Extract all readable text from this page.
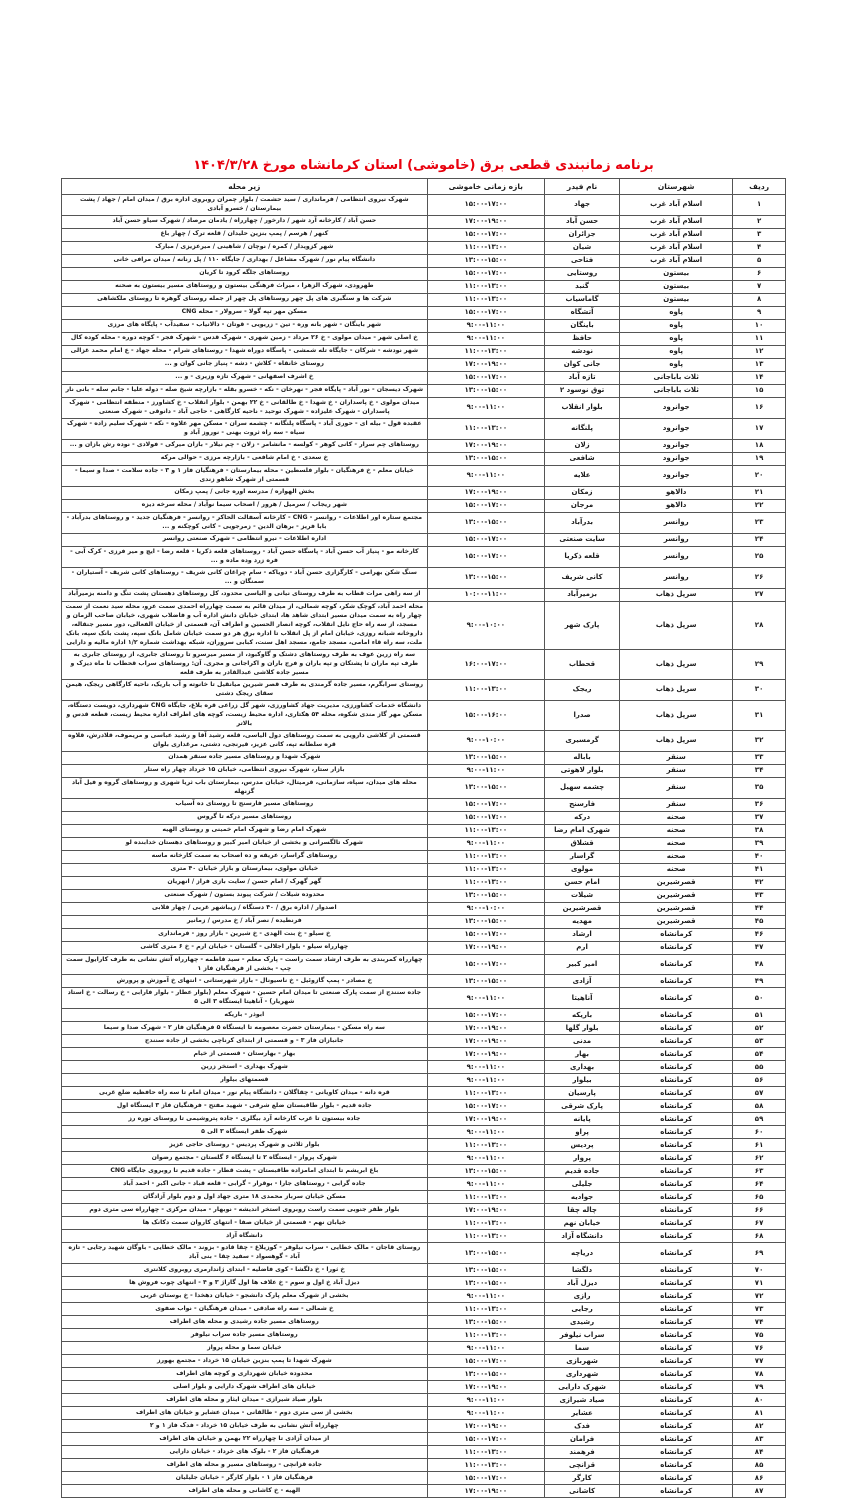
برنامه زمانبندی قطعی برق (خاموشی) استان کرمانشاه مورخ ۱۴۰۴/۳/۲۸
ردیف	شهرستان	نام فیدر	بازه زمانی خاموشی	زیر محله
۱	اسلام آباد غرب	جهاد	۱۵:۰۰-۱۷:۰۰	شهرک نیروی انتظامی / فرمانداری / سید حشمت / بلوار چمران روبروی اداره برق / میدان امام / جهاد / پشت بیمارستان / خسرو آبادی
۲	اسلام آباد غرب	حسن آباد	۱۷:۰۰-۱۹:۰۰	حسن آباد / کارخانه آرد شهر / دارخور / چهارراه / یادمان مرصاد / شهرک سیاو حسن آباد
۳	اسلام آباد غرب	جزائران	۱۵:۰۰-۱۷:۰۰	کنهر / هرسم / پمپ بنزین حلیدان / قلعه ترک / چهار باغ
۴	اسلام آباد غرب	شیان	۱۱:۰۰-۱۳:۰۰	شهر کزویدار / کمره / نوچان / شاهینی / میرعزیزی / مبارک
۵	اسلام آباد غرب	فتاحی	۱۳:۰۰-۱۵:۰۰	دانشگاه پیام نور / شهرک مشاغل / بهداری / جایگاه ۱۱۰ / پل زنانه / میدان مرافی خانی
۶	بیستون	روستایی	۱۵:۰۰-۱۷:۰۰	روستاهای جلگه کرود تا کریان
۷	بیستون	گنبد	۱۱:۰۰-۱۳:۰۰	طهرودی، شهرک الزهرا ، میراث فرهنگی بیستون و روستاهای مسیر بیستون به صحنه
۸	بیستون	گاماسیاب	۱۱:۰۰-۱۳:۰۰	شرکت ها و سنگبری های پل چهر روستاهای پل چهر از جمله روستای گوهره تا روستای ملکشاهی
۹	پاوه	آتشگاه	۱۵:۰۰-۱۷:۰۰	مسکن مهر تپه گولا - سرولار - محله CNG
۱۰	پاوه	باینگان	۹:۰۰-۱۱:۰۰	شهر باینگان - شهر بانه وره - تین - زریویی - قوتان - دالانیاب - سفیدآب - پایگاه های مرزی
۱۱	پاوه	حافظ	۹:۰۰-۱۱:۰۰	خ اصلی شهر - میدان مولوی - خ ۲۶ مرداد - زمین شهری - شهرک قدس - شهرک فجر - کوچه دوره - محله کوده کال
۱۲	پاوه	نودشه	۱۱:۰۰-۱۳:۰۰	شهر نودشه - شرکان - جایگاه تله شمشی - پاسگاه دوراه شهدا - روستاهای شرام - محله جهاد - ع امام محمد غزالی
۱۳	پاوه	جانی کوان	۱۷:۰۰-۱۹:۰۰	روستای خانقاه - کلاش - دشه - پنیاز جانی کوان و ...
۱۴	ثلاث باباجانی	تازه آباد	۱۵:۰۰-۱۷:۰۰	خ اشرف اصفهانی - شهرک تازه وزیری - و ...
۱۵	ثلاث باباجانی	توق نوسود ۲	۱۳:۰۰-۱۵:۰۰	شهرک دیسجان - نور آباد - پایگاه فجر - نهرخان - نکه - خسرو بقله - بازارچه شیخ صله - دوله علیا - جانم سله - بانی نار
۱۶	جوانرود	بلوار انقلاب	۹:۰۰-۱۱:۰۰	میدان مولوی - خ پاسداران - خ شهدا - خ طالقانی - خ ۲۲ بهمن - بلوار انقلاب - خ کشاورز - منطقه انتظامی - شهرک پاسداران - شهرک علیزاده - شهرک توحید - ناحیه کارگاهی - حاجی آباد - دانوقی - شهرک صنعتی
۱۷	جوانرود	پلنگانه	۱۱:۰۰-۱۳:۰۰	عقبده قول - بیله ای - حوری آباد - پاسگاه پلنگانه - چشمه سران - مسکن مهر علاوه - نکه - شهرک سلیم زاده - شهرک سیاه - سه راه ثروت بهنی - نوروز آباد و
۱۸	جوانرود	زلان	۱۷:۰۰-۱۹:۰۰	روستاهای چم سرار - کانی کوهر - کولسه - مانشامر - زلان - چم نیلار - بازان میرکی - فولادی - نوده رش بازان و ...
۱۹	جوانرود	شافعی	۱۳:۰۰-۱۵:۰۰	خ سعدی - خ امام شافعی - بازارچه مرزی - حوالی مرکه
۲۰	جوانرود	علایه	۹:۰۰-۱۱:۰۰	خیابان معلم - خ فرهنگیان - بلوار فلسطین - محله بیمارستان - فرهنگیان فاز ۱ و ۳ - جاده سلامت - صدا و سیما - قسمتی از شهرک شاهو زندی
۲۱	دالاهو	زمکان	۱۷:۰۰-۱۹:۰۰	بخش الهواره / مدرسه اوره جانی / پمپ زمکان
۲۲	دالاهو	مرجان	۱۵:۰۰-۱۷:۰۰	شهر ریجاب / سرمیل / هرور / اصحاب سیما نوآباد / محله سرخه دیزه
۲۳	روانسر	بدرآباد	۱۳:۰۰-۱۵:۰۰	مجتمع ستاره اور اطلاعات - روانسر - CNG - کارخانه آسفالت الحاکر - روانسر - فرهنگیان جدید - و روستاهای بدرآباد - بابا فریز - برهان الدین - زمرجویی - کانی کوچکنه و ...
۲۴	روانسر	سایت صنعتی	۱۵:۰۰-۱۷:۰۰	اداره اطلاعات - نیرو انتظامی - شهرک صنعتی روانسر
۲۵	روانسر	قلعه ذکریا	۱۵:۰۰-۱۷:۰۰	کارخانه مو - پنیاز آب حسن آباد - پاسگاه حسن آباد - روستاهای قلعه ذکریا - قلعه رضا - ایچ و میر فرزی - کرک آبی - فره زرد وده ماده و ...
۲۶	روانسر	کانی شریف	۱۳:۰۰-۱۵:۰۰	سنگ شکن بهرامی - کارگزاری حسن آباد - دویاکه - سام چراغان کانی شریف - روستاهای کانی شریف - آستیاران - سمنگان و ...
۲۷	سرپل ذهاب	بزمیرآباد	۱۰:۰۰-۱۱:۰۰	از سه راهی مرات قطاب به طرف روستای نیانی و الیاسی محدود، کل روستاهای دهستان پشت تنگ و دامنه بزمیرآباد
۲۸	سرپل ذهاب	پارک شهر	۹:۰۰-۱۰:۰۰	محله احمد آباد، کوچک شکر، کوچه شمالی، از میدان قائم به سمت چهارراه احمدی سمت عرو، محله سید نعمت از سمت چهار راه به سمت میدان مسیر ابتدای شاهد ها، ابتدای خیابان دانش اداره آب و فاضلاب شهری، خیابان صاحب الزمان و مسجد، از سه راه حاج نایل انقلاب، کوچه انصار الحسین و اطراف آن، قسمتی از خیابان الفعالی، دور مسیر جنقاله، داروخانه شبانه روزی، خیابان امام از پل انقلاب تا اداره برق هر دو سمت خیابان شامل بانک سپه، پشت بانک سپه، بانک ملت، سه راه قاء امامی، مسجد جامع، مسجد اهل سنت، کبابی سروران، شبکه بهداشت شماره ۱/۲ اداره مالیه و دارایی
۲۹	سرپل ذهاب	قحطاب	۱۶:۰۰-۱۷:۰۰	سه راه زرین عوف به طرف روستاهای دشتک و گاوکبود، از مسیر میرسرو تا روستای جابری، از روستای جابری به طرف تپه ماران تا پشتکان و تپه باران و فرج باران و اکراجانی و مجری. آن: روستاهای سراب قحطاب تا ماه دیزک و مسیر جاده کلاشی عبدالقادر به طرف قلعه
۳۰	سرپل ذهاب	ریجک	۱۱:۰۰-۱۳:۰۰	روستای سرابگرم، مسیر جاده گرمندی به طرف قصر شیرین میانقیل تا خانوته و آب باریک، ناحیه کارگاهی ریجک، هیمن سقای ریجک دشتی
۳۱	سرپل ذهاب	صدرا	۱۵:۰۰-۱۶:۰۰	دانشگاه خدمات کشاورزی، مدیریت جهاد کشاورزی، شهر گل زراعی قره بلاغ، جایگاه CNG شهرداری، دویست دستگاه، مسکن مهر گاز مندی شکوه، محله ۵۴ هکتاری، اداره محیط زیست، کوچه های اطراف اداره محیط زیست، قطعه قدس و بالاتر
۳۲	سرپل ذهاب	گرمسیری	۹:۰۰-۱۰:۰۰	قسمتی از کلاشی دارویی به سمت روستاهای دول الیاسی، قلعه رشید آقا و رشید عباسی و مریموف، قلادرش، قلاوه قره سلطانه تپه، کانی عزیز، قیرنجی، دشتی، مرغداری بلوان
۳۳	سنقر	باباله	۱۳:۰۰-۱۵:۰۰	شهرک شهدا و روستاهای مسیر جاده سنقر همدان
۳۴	سنقر	بلوار لاهوتی	۹:۰۰-۱۱:۰۰	بازار ستار، شهرک نیروی انتظامی، خیابان ۱۵ خرداد چهار راه ستار
۳۵	سنقر	چشمه سهیل	۱۳:۰۰-۱۵:۰۰	محله های میدان، سپاه، سازمانی، قرمیتال، خیابان مدرس، بیمارستان باب ثریا شهری و روستاهای گروه و فیل آباد گزنهله
۳۶	سنقر	فارسنج	۱۵:۰۰-۱۷:۰۰	روستاهای مسیر فارسنج تا روستای ده آسیاب
۳۷	صحنه	درکه	۱۵:۰۰-۱۷:۰۰	روستاهای مسیر درکه تا گروس
۳۸	صحنه	شهرک امام رضا	۱۱:۰۰-۱۳:۰۰	شهرک امام رضا و شهرک امام خمینی و روستای الهیه
۳۹	صحنه	قشلاق	۹:۰۰-۱۱:۰۰	شهرک تالگسرانی و بخشی از خیابان امیر کبیر و روستاهای دهستان خدابنده لو
۴۰	صحنه	گراسار	۱۱:۰۰-۱۳:۰۰	روستاهای گراسار، عریقه و ده اصحاب به سمت کارخانه ماسه
۴۱	صحنه	مولوی	۱۱:۰۰-۱۳:۰۰	خیابان مولوی، بیمارستان و بازار خیابان ۴۰ متری
۴۲	قصرشیرین	امام حسن	۱۱:۰۰-۱۳:۰۰	گهر گهرک / امام حسن / سایت بازی فراز / انهریان
۴۳	قصرشیرین	شیلات	۱۳:۰۰-۱۵:۰۰	محدوده شیلات / شرکت پیوند بستون / شهرک صنعتی
۴۴	قصرشیرین	قصرشیرین	۹:۰۰-۱۰:۰۰	اصدوار / اداره برق / ۴۰ دستگاه / زیباشهر غربی / چهار قلابی
۴۵	قصرشیرین	مهدیه	۱۳:۰۰-۱۵:۰۰	فرنطیده / نصر آباد / خ مدرس / زمانیر
۴۶	کرمانشاه	ارشاد	۱۵:۰۰-۱۷:۰۰	خ سیلو - خ بنت الهدی - خ شیرین - بازار روز - فرمانداری
۴۷	کرمانشاه	ارم	۱۷:۰۰-۱۹:۰۰	چهارراه سیلو - بلوار اجلالی - گلستان - خیابان ارم - خ ۶ متری کاشی
۴۸	کرمانشاه	امیر کبیر	۱۵:۰۰-۱۷:۰۰	چهارراه کمربندی به طرف ارشاد سمت راست - پارک معلم - سید فاطمه - چهارراه آتش نشانی به طرف کارایول سمت چپ - بخشی از فرهنگیان فاز ۱
۴۹	کرمانشاه	آزادی	۱۳:۰۰-۱۵:۰۰	خ مصادر - پمپ گازوئیل - خ ناسیونال - بازار شهرستانی - انتهای خ آموزش و پرورش
۵۰	کرمانشاه	آناهیتا	۹:۰۰-۱۱:۰۰	جاده سنندج از سمت پارک صنعتی تا میدان امام حسین - شهرک معلم (بلوار عطار - بلوار فارابی - خ رسالت - خ استاد شهریار) - آناهیتا ایستگاه ۳ الی ۵
۵۱	کرمانشاه	باریکه	۱۵:۰۰-۱۷:۰۰	ابوذر - باریکه
۵۲	کرمانشاه	بلوار گلها	۱۷:۰۰-۱۹:۰۰	سه راه مسکن - بیمارستان حضرت معصومه تا ایستگاه ۵ فرهنگیان فاز ۲ - شهرک صدا و سیما
۵۳	کرمانشاه	مدنی	۱۷:۰۰-۱۹:۰۰	جانبازان فاز ۳ - و قسمتی از ابتدای کرناچی بخشی از جاده سنندج
۵۴	کرمانشاه	بهار	۱۷:۰۰-۱۹:۰۰	بهار - بهارستان - قسمتی از خیام
۵۵	کرمانشاه	بهداری	۹:۰۰-۱۱:۰۰	شهرک بهداری - استخر زرین
۵۶	کرمانشاه	بیلوار	۹:۰۰-۱۱:۰۰	قسمتهای بیلوار
۵۷	کرمانشاه	پارسیان	۱۱:۰۰-۱۳:۰۰	قره دانه - میدان کاویانی - چقاگلان - دانشگاه پیام نور - میدان امام تا سه راه حافظیه ضلع غربی
۵۸	کرمانشاه	پارک شرقی	۱۵:۰۰-۱۷:۰۰	جاده قدیم - بلوار طاقبستان ضلع شرقی - شهید مفتح - فرهنگیان فاز ۳ ایستگاه اول
۵۹	کرمانشاه	پایانه	۱۷:۰۰-۱۹:۰۰	جاده بیستون تا غرب کارخانه آرد بیگلری - جاده پتروشیمی تا روستای توره رز
۶۰	کرمانشاه	پراو	۹:۰۰-۱۱:۰۰	شهرک ظفر ایستگاه ۳ الی ۵
۶۱	کرمانشاه	پردیس	۱۱:۰۰-۱۳:۰۰	بلوار ثلاثی و شهرک پردیس - روستای حاجی عزیز
۶۲	کرمانشاه	پروار	۹:۰۰-۱۱:۰۰	شهرک پروار - ایستگاه ۲ تا ایستگاه ۶ گلستان - مجتمع رضوان
۶۳	کرمانشاه	جاده قدیم	۱۳:۰۰-۱۵:۰۰	باغ ابریشم تا ابتدای امامزاده طاقبستان - پشت قطار - جاده قدیم تا روبروی جایگاه CNG
۶۴	کرمانشاه	جلیلی	۹:۰۰-۱۱:۰۰	جاده گرابی - روستاهای جارا - بوقرار - گرابی - قلعه قباد - جانی اکبر - احمد آباد
۶۵	کرمانشاه	جوادیه	۱۱:۰۰-۱۳:۰۰	مسکن خیابان سرباز محمدی ۱۸ متری جهاد اول و دوم بلوار آزادگان
۶۶	کرمانشاه	چاله چقا	۱۷:۰۰-۱۹:۰۰	بلوار ظفر جنوبی سمت راست روبروی استخر اندیشه - نوبهار - میدان مرکزی - چهارراه سی متری دوم
۶۷	کرمانشاه	خیابان نهم	۱۱:۰۰-۱۳:۰۰	خیابان نهم - قسمتی از خیابان صفا - انتهای کاروان سمت دکانک ها
۶۸	کرمانشاه	دانشگاه آزاد	۱۱:۰۰-۱۳:۰۰	دانشگاه آزاد
۶۹	کرمانشاه	دریاچه	۱۳:۰۰-۱۵:۰۰	روستای قاجان - مالک خطایی - سراب نیلوفر - کوزیلاغ - چقا قادو - بزوند - مالک خطایی - باوگان شهید رجایی - تازه آباد - گوهسواد - سفید چقا - بنی آباد
۷۰	کرمانشاه	دلگشا	۱۳:۰۰-۱۵:۰۰	خ ثورا - خ دلگشا - کوی فاضلیه - ابتدای ژاندارمری روبروی کلانتری
۷۱	کرمانشاه	دیزل آباد	۱۳:۰۰-۱۵:۰۰	دیزل آباد خ اول و سوم - خ علاف ها اول گاراژ ۳ و ۴ - انتهای چوب فروش ها
۷۲	کرمانشاه	رازی	۹:۰۰-۱۱:۰۰	بخشی از شهرک معلم پارک دانشجو - خیابان دهخدا - خ بوستان غربی
۷۳	کرمانشاه	رجایی	۱۱:۰۰-۱۳:۰۰	خ شمالی - سه راه صادقی - میدان فرهنگیان - نواب صفوی
۷۴	کرمانشاه	رشیدی	۱۳:۰۰-۱۵:۰۰	روستاهای مسیر جاده رشیدی و محله های اطراف
۷۵	کرمانشاه	سراب نیلوفر	۱۱:۰۰-۱۳:۰۰	روستاهای مسیر جاده سراب نیلوفر
۷۶	کرمانشاه	سما	۹:۰۰-۱۱:۰۰	خیابان سما و محله پرواز
۷۷	کرمانشاه	شهربازی	۱۵:۰۰-۱۷:۰۰	شهرک شهدا تا پمپ بنزین خیابان ۱۵ خرداد - مجتمع بهورز
۷۸	کرمانشاه	شهرداری	۱۳:۰۰-۱۵:۰۰	محدوده خیابان شهرداری و کوچه های اطراف
۷۹	کرمانشاه	شهرک دارایی	۱۷:۰۰-۱۹:۰۰	خیابان های اطراف شهرک دارایی و بلوار اصلی
۸۰	کرمانشاه	صیاد شیرازی	۹:۰۰-۱۱:۰۰	بلوار صیاد شیرازی - میدان ایثار و محله های اطراف
۸۱	کرمانشاه	عشایر	۹:۰۰-۱۱:۰۰	بخشی از سی متری دوم - طالقانی - میدان عشایر و خیابان های اطراف
۸۲	کرمانشاه	فدک	۱۷:۰۰-۱۹:۰۰	چهارراه آتش نشانی به طرف خیابان ۱۵ خرداد - فدک فاز ۱ و ۲
۸۳	کرمانشاه	فرامان	۱۵:۰۰-۱۷:۰۰	از میدان آزادی تا چهارراه ۲۲ بهمن و خیابان های اطراف
۸۴	کرمانشاه	فرهمند	۱۱:۰۰-۱۳:۰۰	فرهنگیان فاز ۲ - بلوک های خرداد - خیابان دارایی
۸۵	کرمانشاه	قزانچی	۱۱:۰۰-۱۳:۰۰	جاده قزانچی - روستاهای مسیر و محله های اطراف
۸۶	کرمانشاه	کارگر	۱۵:۰۰-۱۷:۰۰	فرهنگیان فاز ۱ - بلوار کارگر - خیابان جلیلیان
۸۷	کرمانشاه	کاشانی	۱۷:۰۰-۱۹:۰۰	الهیه - خ کاشانی و محله های اطراف
